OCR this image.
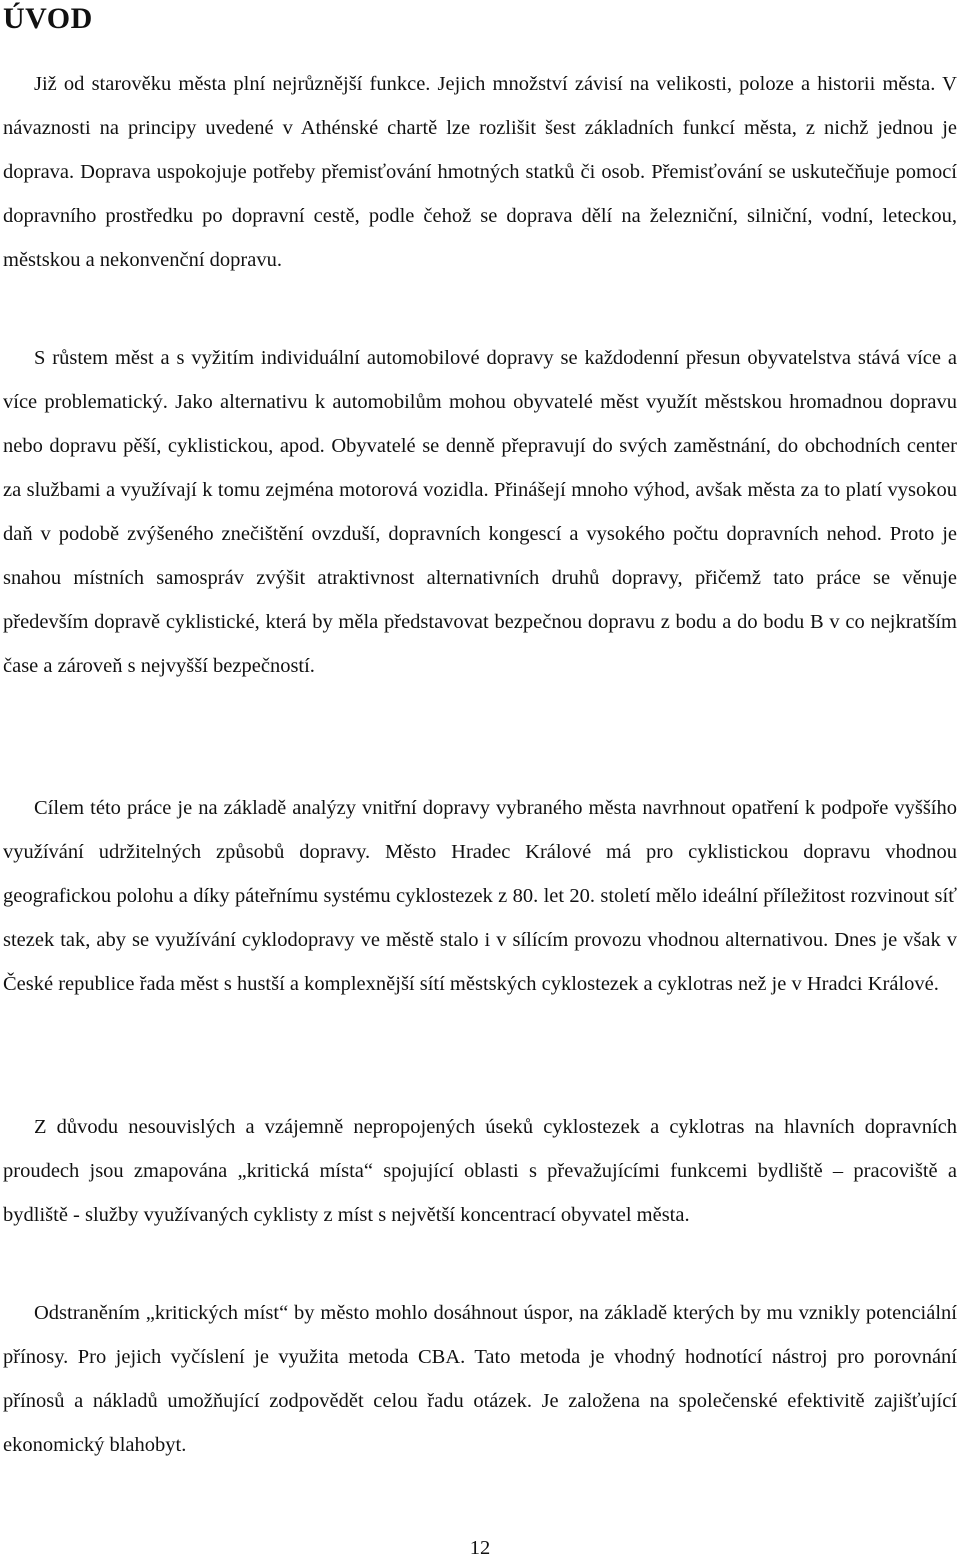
ÚVOD

Již od starověku města plní nejrůznější funkce. Jejich množství závisí na velikosti, poloze a historii města. V návaznosti na principy uvedené v Athénské chartě lze rozlišit šest základních funkcí města, z nichž jednou je doprava. Doprava uspokojuje potřeby přemisťování hmotných statků či osob. Přemisťování se uskutečňuje pomocí dopravního prostředku po dopravní cestě, podle čehož se doprava dělí na železniční, silniční, vodní, leteckou, městskou a nekonvenční dopravu.

S růstem měst a s vyžitím individuální automobilové dopravy se každodenní přesun obyvatelstva stává více a více problematický. Jako alternativu k automobilům mohou obyvatelé měst využít městskou hromadnou dopravu nebo dopravu pěší, cyklistickou, apod. Obyvatelé se denně přepravují do svých zaměstnání, do obchodních center za službami a využívají k tomu zejména motorová vozidla. Přinášejí mnoho výhod, avšak města za to platí vysokou daň v podobě zvýšeného znečištění ovzduší, dopravních kongescí a vysokého počtu dopravních nehod. Proto je snahou místních samospráv zvýšit atraktivnost alternativních druhů dopravy, přičemž tato práce se věnuje především dopravě cyklistické, která by měla představovat bezpečnou dopravu z bodu a do bodu B v co nejkratším čase a zároveň s nejvyšší bezpečností.

Cílem této práce je na základě analýzy vnitřní dopravy vybraného města navrhnout opatření k podpoře vyššího využívání udržitelných způsobů dopravy. Město Hradec Králové má pro cyklistickou dopravu vhodnou geografickou polohu a díky páteřnímu systému cyklostezek z 80. let 20. století mělo ideální příležitost rozvinout síť stezek tak, aby se využívání cyklodopravy ve městě stalo i v sílícím provozu vhodnou alternativou. Dnes je však v České republice řada měst s hustší a komplexnější sítí městských cyklostezek a cyklotras než je v Hradci Králové.

Z důvodu nesouvislých a vzájemně nepropojených úseků cyklostezek a cyklotras na hlavních dopravních proudech jsou zmapována „kritická místa“ spojující oblasti s převažujícími funkcemi bydliště – pracoviště a bydliště - služby využívaných cyklisty z míst s největší koncentrací obyvatel města.

Odstraněním „kritických míst“ by město mohlo dosáhnout úspor, na základě kterých by mu vznikly potenciální přínosy. Pro jejich vyčíslení je využita metoda CBA. Tato metoda je vhodný hodnotící nástroj pro porovnání přínosů a nákladů umožňující zodpovědět celou řadu otázek. Je založena na společenské efektivitě zajišťující ekonomický blahobyt.

12
